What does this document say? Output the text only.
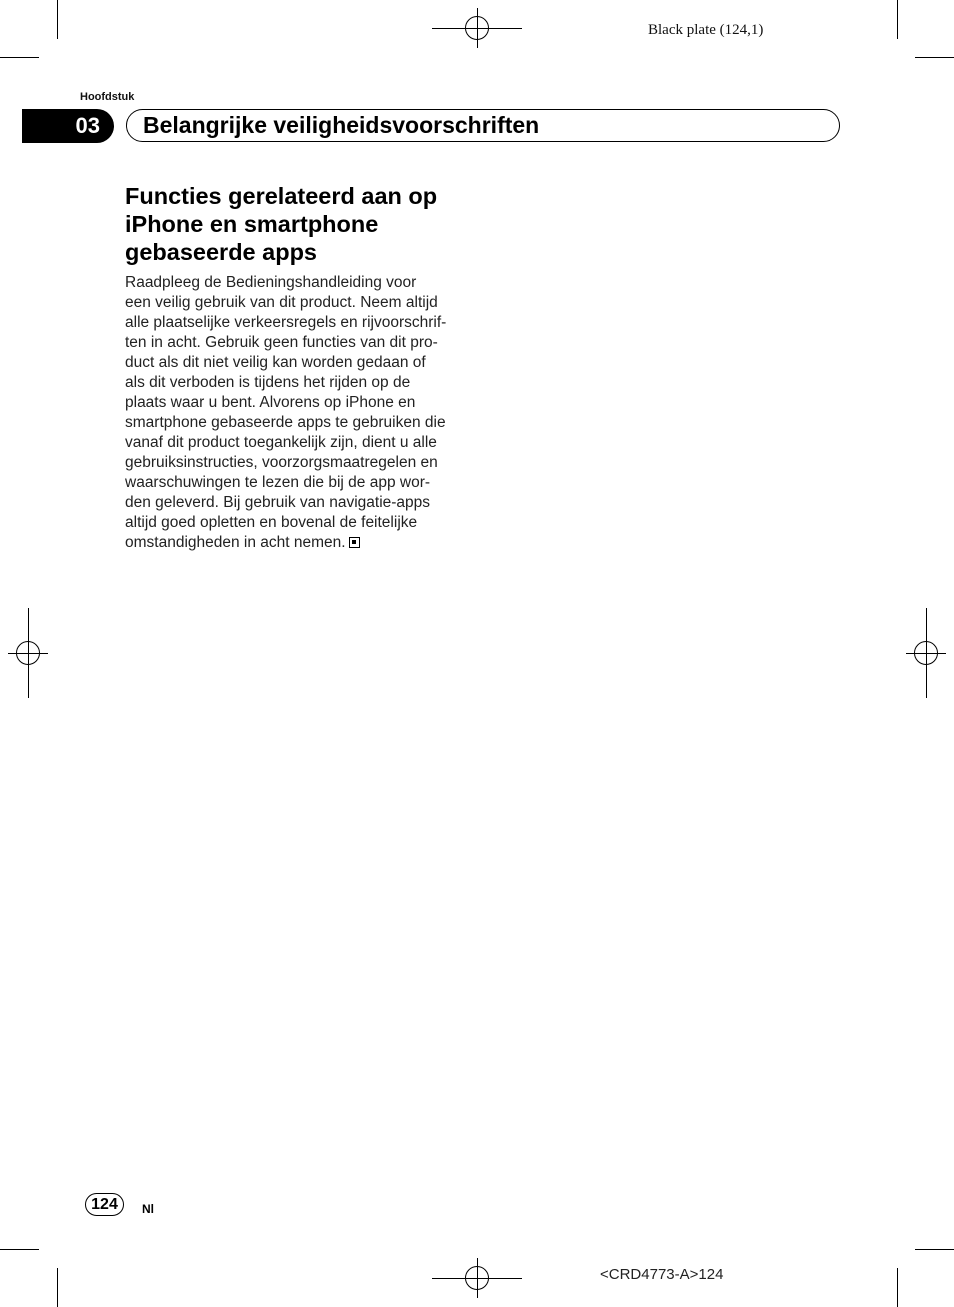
Black plate (124,1)
Hoofdstuk
03 Belangrijke veiligheidsvoorschriften
Functies gerelateerd aan op
iPhone en smartphone
gebaseerde apps
Raadpleeg de Bedieningshandleiding voor
een veilig gebruik van dit product. Neem altijd
alle plaatselijke verkeersregels en rijvoorschrif-
ten in acht. Gebruik geen functies van dit pro-
duct als dit niet veilig kan worden gedaan of
als dit verboden is tijdens het rijden op de
plaats waar u bent. Alvorens op iPhone en
smartphone gebaseerde apps te gebruiken die
vanaf dit product toegankelijk zijn, dient u alle
gebruiksinstructies, voorzorgsmaatregelen en
waarschuwingen te lezen die bij de app wor-
den geleverd. Bij gebruik van navigatie-apps
altijd goed opletten en bovenal de feitelijke
omstandigheden in acht nemen.
124 Nl
<CRD4773-A>124
